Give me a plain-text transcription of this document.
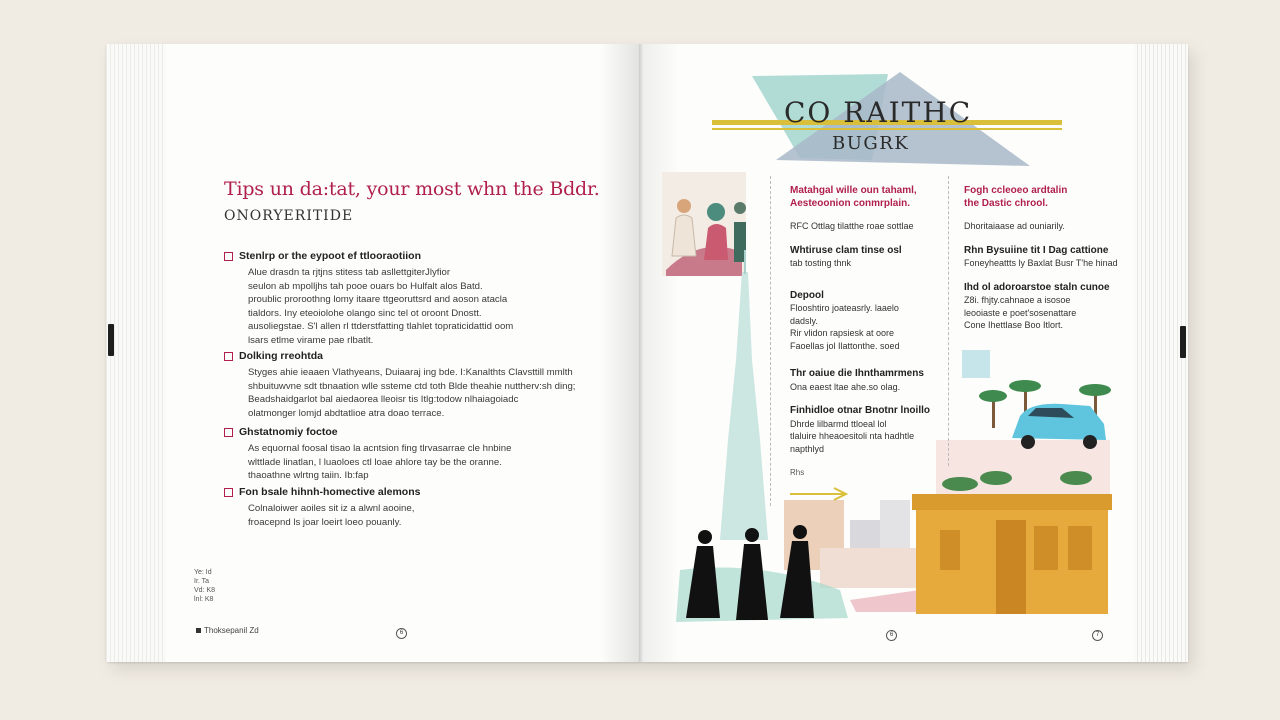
Tips un da:tat, your most whn the Bddr.
ONORYERITIDE
Stenlrp or the eypoot ef ttlooraotiion
Alue drasdn ta rjtjns stitess tab asllettgiterJlyfior
seulon ab mpolljhs tah pooe ouars bo Hulfalt alos Batd.
proublic proroothng lomy itaare ttgeoruttsrd and aoson atacla
tialdors. Iny eteoiolohe olango sinc tel ot oroont Dnostt.
ausoliegstae. S'l allen rl ttderstfatting tlahlet topraticidattid oom
lsars etlme virame pae rlbatlt.
Dolking rreohtda
Styges ahie ieaaen Vlathyeans, Duiaaraj ing bde. I:Kanalthts Clavsttill mmlth
shbuituwvne sdt tbnaation wlle ssteme ctd toth Blde theahie nuttherv:sh ding;
Beadshaidgarlot bal aiedaorea lleoisr tis Itlg:todow nlhaiagoiadc
olatmonger lomjd abdtatlioe atra doao terrace.
Ghstatnomiy foctoe
As equornal foosal tisao la acntsion fing tlrvasarrae cle hnbine
wlttlade linatlan, l luaoloes ctl loae ahlore tay be the oranne.
thaoathne wlrtng taiin. Ib:fap
Fon bsale hihnh-homective alemons
Colnaloiwer aoiles sit iz a alwnl aooine,
froacepnd ls joar loeirt loeo pouanly.
Ye: Id
Ir. Ta
Vd: K8
lnl: K8
Thoksepanil Zd	6
CO RAITHC
BUGRK
Matahgal wille oun tahaml,
Aesteoonion conmrplain.
RFC Ottlag tilatthe roae sottlae
Whtiruse clam tinse osl
tab tosting thnk
Depool
Flooshtiro joateasrly. laaelo
dadsly.
Rir vlidon rapsiesk at oore
Faoellas jol Ilattonthe. soed
Thr oaiue die Ihnthamrmens
Ona eaest ltae ahe.so olag.
Finhidloe otnar Bnotnr lnoillo
Dhrde lilbarmd ttloeal lol
tlaluire hheaoesitoli nta hadhtle
napthlyd
Rhs
Fogh ccleoeo ardtalin
the Dastic chrool.
Dhoritaiaase ad ouniarily.
Rhn Bysuiine tit I Dag cattione
Foneyheattts ly Baxlat Busr T'he hinad
Ihd ol adoroarstoe staln cunoe
Z8i. fhjty.cahnaoe a isosoe
leooiaste e poet'sosenattare
Cone Ihettlase Boo Itlort.
6	7
